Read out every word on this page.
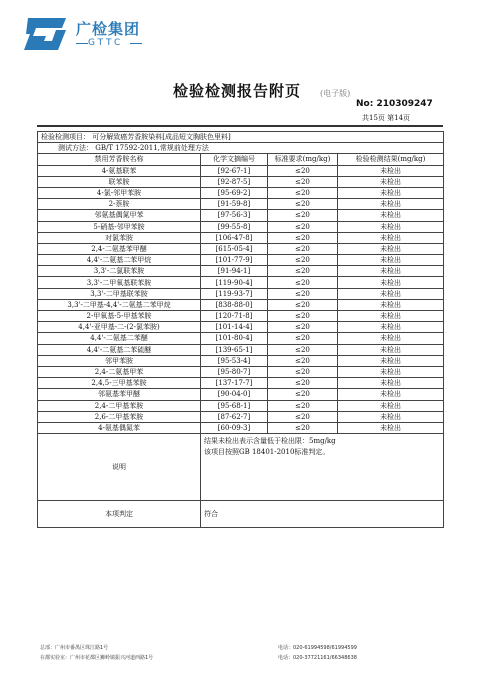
广检集团
GTTC
检验检测报告附页 (电子版)
No: 210309247
共15页 第14页
检验检测项目： 可分解致癌芳香胺染料[成品短文胸肤色里料]			
测试方法： GB/T 17592-2011,常规前处理方法			
禁用芳香胺名称	化学文摘编号	标准要求(mg/kg)	检验检测结果(mg/kg)
4-氨基联苯	[92-67-1]	≤20	未检出
联苯胺	[92-87-5]	≤20	未检出
4-氯-邻甲苯胺	[95-69-2]	≤20	未检出
2-萘胺	[91-59-8]	≤20	未检出
邻氨基偶氮甲苯	[97-56-3]	≤20	未检出
5-硝基-邻甲苯胺	[99-55-8]	≤20	未检出
对氯苯胺	[106-47-8]	≤20	未检出
2,4-二氨基苯甲醚	[615-05-4]	≤20	未检出
4,4'-二氨基二苯甲烷	[101-77-9]	≤20	未检出
3,3'-二氯联苯胺	[91-94-1]	≤20	未检出
3,3'-二甲氧基联苯胺	[119-90-4]	≤20	未检出
3,3'-二甲基联苯胺	[119-93-7]	≤20	未检出
3,3'-二甲基-4,4'-二氨基二苯甲烷	[838-88-0]	≤20	未检出
2-甲氧基-5-甲基苯胺	[120-71-8]	≤20	未检出
4,4'-亚甲基-二-(2-氯苯胺)	[101-14-4]	≤20	未检出
4,4'-二氨基二苯醚	[101-80-4]	≤20	未检出
4,4'-二氨基二苯硫醚	[139-65-1]	≤20	未检出
邻甲苯胺	[95-53-4]	≤20	未检出
2,4-二氨基甲苯	[95-80-7]	≤20	未检出
2,4,5-三甲基苯胺	[137-17-7]	≤20	未检出
邻氨基苯甲醚	[90-04-0]	≤20	未检出
2,4-二甲基苯胺	[95-68-1]	≤20	未检出
2,6-二甲基苯胺	[87-62-7]	≤20	未检出
4-氨基偶氮苯	[60-09-3]	≤20	未检出
说明	结果未检出表示含量低于检出限：5mg/kg
该项目按照GB 18401-2010标准判定。		

本项判定	符合		
总部：广州市番禺区珠江路1号
在都实验室：广州市花都区狮岭镇振兴河道西路1号
电话：020-61994598/61994599
电话：020-37721161/66348638
